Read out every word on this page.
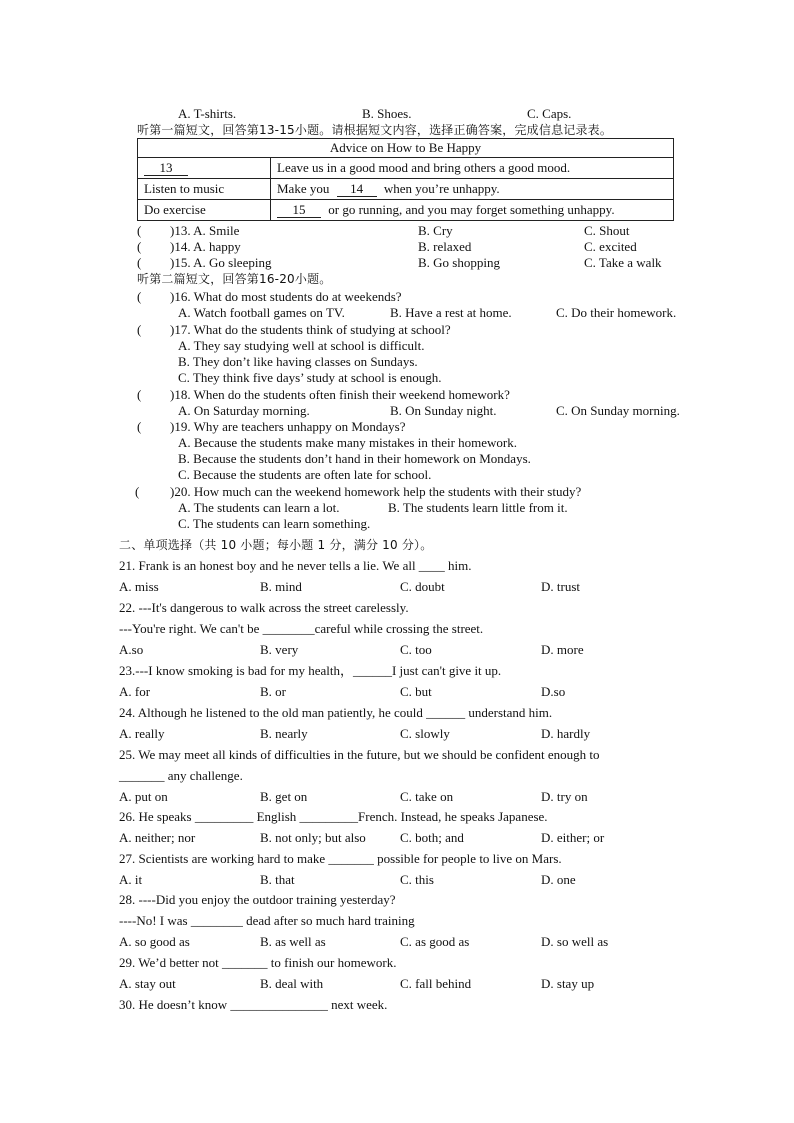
A. T-shirts.	B. Shoes.	C. Caps.
听第一篇短文，回答第13-15小题。请根据短文内容，选择正确答案，完成信息记录表。
Advice on How to Be Happy	
13	Leave us in a good mood and bring others a good mood.
Listen to music	Make you 14 when you’re unhappy.
Do exercise	15 or go running, and you may forget something unhappy.
( )13. A. Smile	B. Cry	C. Shout
( )14. A. happy	B. relaxed	C. excited
( )15. A. Go sleeping	B. Go shopping	C. Take a walk
听第二篇短文，回答第16-20小题。
( )16. What do most students do at weekends?
A. Watch football games on TV.	B. Have a rest at home.	C. Do their homework.
( )17. What do the students think of studying at school?
A. They say studying well at school is difficult.
B. They don’t like having classes on Sundays.
C. They think five days’ study at school is enough.
( )18. When do the students often finish their weekend homework?
A. On Saturday morning.	B. On Sunday night.	C. On Sunday morning.
( )19. Why are teachers unhappy on Mondays?
A. Because the students make many mistakes in their homework.
B. Because the students don’t hand in their homework on Mondays.
C. Because the students are often late for school.
( )20. How much can the weekend homework help the students with their study?
A. The students can learn a lot.	B. The students learn little from it.
C. The students can learn something.
二、单项选择（共 10 小题；每小题 1 分，满分 10 分）。
21. Frank is an honest boy and he never tells a lie. We all ____ him.
A. miss	B. mind	C. doubt	D. trust
22. ---It's dangerous to walk across the street carelessly.
---You're right. We can't be ________careful while crossing the street.
A.so	B. very	C. too	D. more
23.---I know smoking is bad for my health，______I just can't give it up.
A. for	B. or	C. but	D.so
24. Although he listened to the old man patiently, he could ______ understand him.
A. really	B. nearly	C. slowly	D. hardly
25. We may meet all kinds of difficulties in the future, but we should be confident enough to
_______ any challenge.
A. put on	B. get on	C. take on	D. try on
26. He speaks _________ English _________French. Instead, he speaks Japanese.
A. neither; nor	B. not only; but also	C. both; and	D. either; or
27. Scientists are working hard to make _______ possible for people to live on Mars.
A. it	B. that	C. this	D. one
28. ----Did you enjoy the outdoor training yesterday?
----No! I was ________ dead after so much hard training
A. so good as	B. as well as	C. as good as	D. so well as
29. We’d better not _______ to finish our homework.
A. stay out	B. deal with	C. fall behind	D. stay up
30. He doesn’t know _______________ next week.
